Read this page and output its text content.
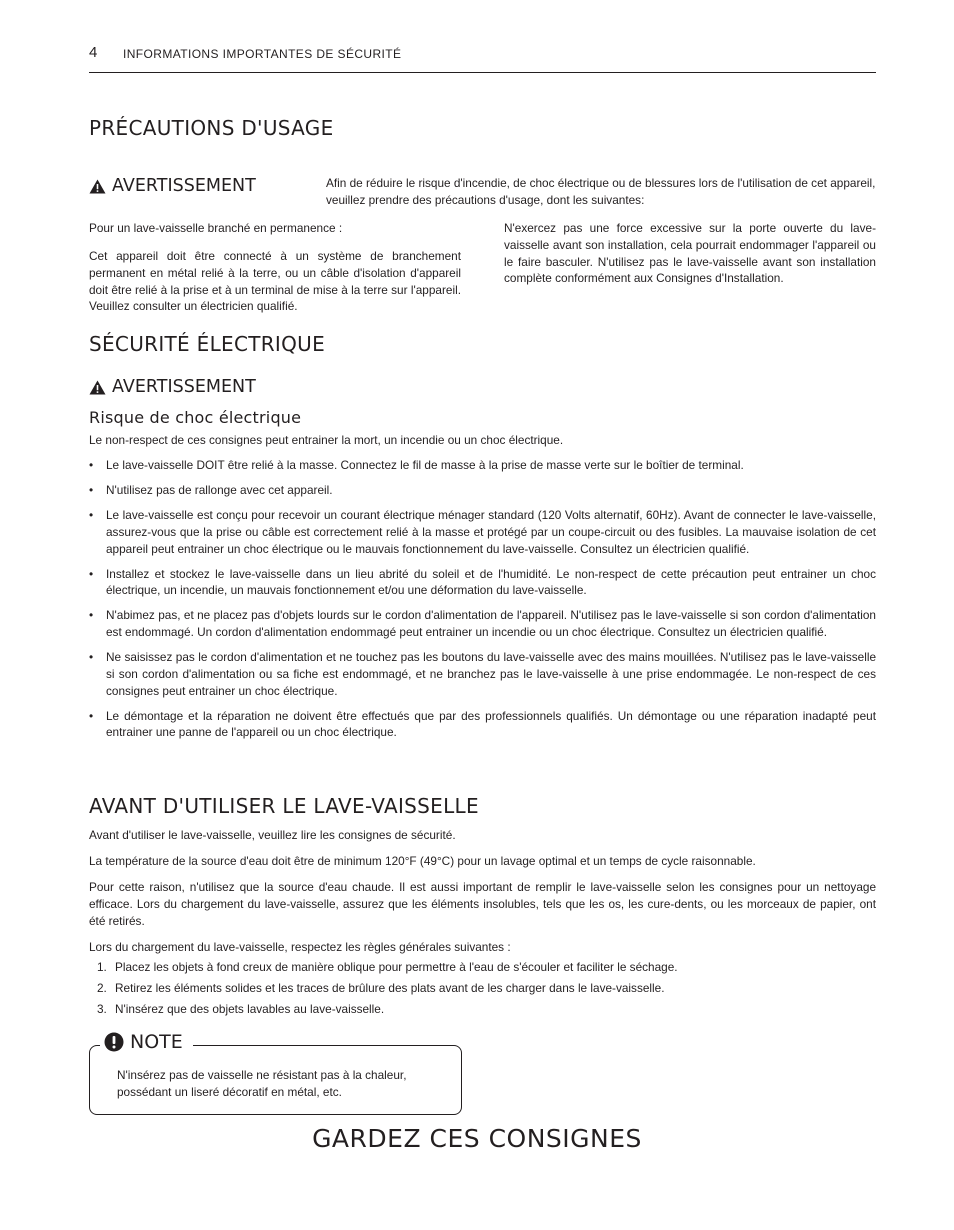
4 INFORMATIONS IMPORTANTES DE SÉCURITÉ
PRÉCAUTIONS D'USAGE
AVERTISSEMENT	Afin de réduire le risque d'incendie, de choc électrique ou de blessures lors de l'utilisation de cet appareil, veuillez prendre des précautions d'usage, dont les suivantes:

Pour un lave-vaisselle branché en permanence :

Cet appareil doit être connecté à un système de branchement permanent en métal relié à la terre, ou un câble d'isolation d'appareil doit être relié à la prise et à un terminal de mise à la terre sur l'appareil. Veuillez consulter un électricien qualifié.

N'exercez pas une force excessive sur la porte ouverte du lave-vaisselle avant son installation, cela pourrait endommager l'appareil ou le faire basculer. N'utilisez pas le lave-vaisselle avant son installation complète conformément aux Consignes d'Installation.

SÉCURITÉ ÉLECTRIQUE
AVERTISSEMENT
Risque de choc électrique

Le non-respect de ces consignes peut entrainer la mort, un incendie ou un choc électrique.

• Le lave-vaisselle DOIT être relié à la masse. Connectez le fil de masse à la prise de masse verte sur le boîtier de terminal.
• N'utilisez pas de rallonge avec cet appareil.
• Le lave-vaisselle est conçu pour recevoir un courant électrique ménager standard (120 Volts alternatif, 60Hz). Avant de connecter le lave-vaisselle, assurez-vous que la prise ou câble est correctement relié à la masse et protégé par un coupe-circuit ou des fusibles. La mauvaise isolation de cet appareil peut entrainer un choc électrique ou le mauvais fonctionnement du lave-vaisselle. Consultez un électricien qualifié.
• Installez et stockez le lave-vaisselle dans un lieu abrité du soleil et de l'humidité. Le non-respect de cette précaution peut entrainer un choc électrique, un incendie, un mauvais fonctionnement et/ou une déformation du lave-vaisselle.
• N'abimez pas, et ne placez pas d'objets lourds sur le cordon d'alimentation de l'appareil. N'utilisez pas le lave-vaisselle si son cordon d'alimentation est endommagé. Un cordon d'alimentation endommagé peut entrainer un incendie ou un choc électrique. Consultez un électricien qualifié.
• Ne saisissez pas le cordon d'alimentation et ne touchez pas les boutons du lave-vaisselle avec des mains mouillées. N'utilisez pas le lave-vaisselle si son cordon d'alimentation ou sa fiche est endommagé, et ne branchez pas le lave-vaisselle à une prise endommagée. Le non-respect de ces consignes peut entrainer un choc électrique.
• Le démontage et la réparation ne doivent être effectués que par des professionnels qualifiés. Un démontage ou une réparation inadapté peut entrainer une panne de l'appareil ou un choc électrique.
AVANT D'UTILISER LE LAVE-VAISSELLE

Avant d'utiliser le lave-vaisselle, veuillez lire les consignes de sécurité.

La température de la source d'eau doit être de minimum 120°F (49°C) pour un lavage optimal et un temps de cycle raisonnable.

Pour cette raison, n'utilisez que la source d'eau chaude. Il est aussi important de remplir le lave-vaisselle selon les consignes pour un nettoyage efficace. Lors du chargement du lave-vaisselle, assurez que les éléments insolubles, tels que les os, les cure-dents, ou les morceaux de papier, ont été retirés.

Lors du chargement du lave-vaisselle, respectez les règles générales suivantes :

1. Placez les objets à fond creux de manière oblique pour permettre à l'eau de s'écouler et faciliter le séchage.
2. Retirez les éléments solides et les traces de brûlure des plats avant de les charger dans le lave-vaisselle.
3. N'insérez que des objets lavables au lave-vaisselle.
NOTE
N'insérez pas de vaisselle ne résistant pas à la chaleur, possédant un liseré décoratif en métal, etc.
GARDEZ CES CONSIGNES
